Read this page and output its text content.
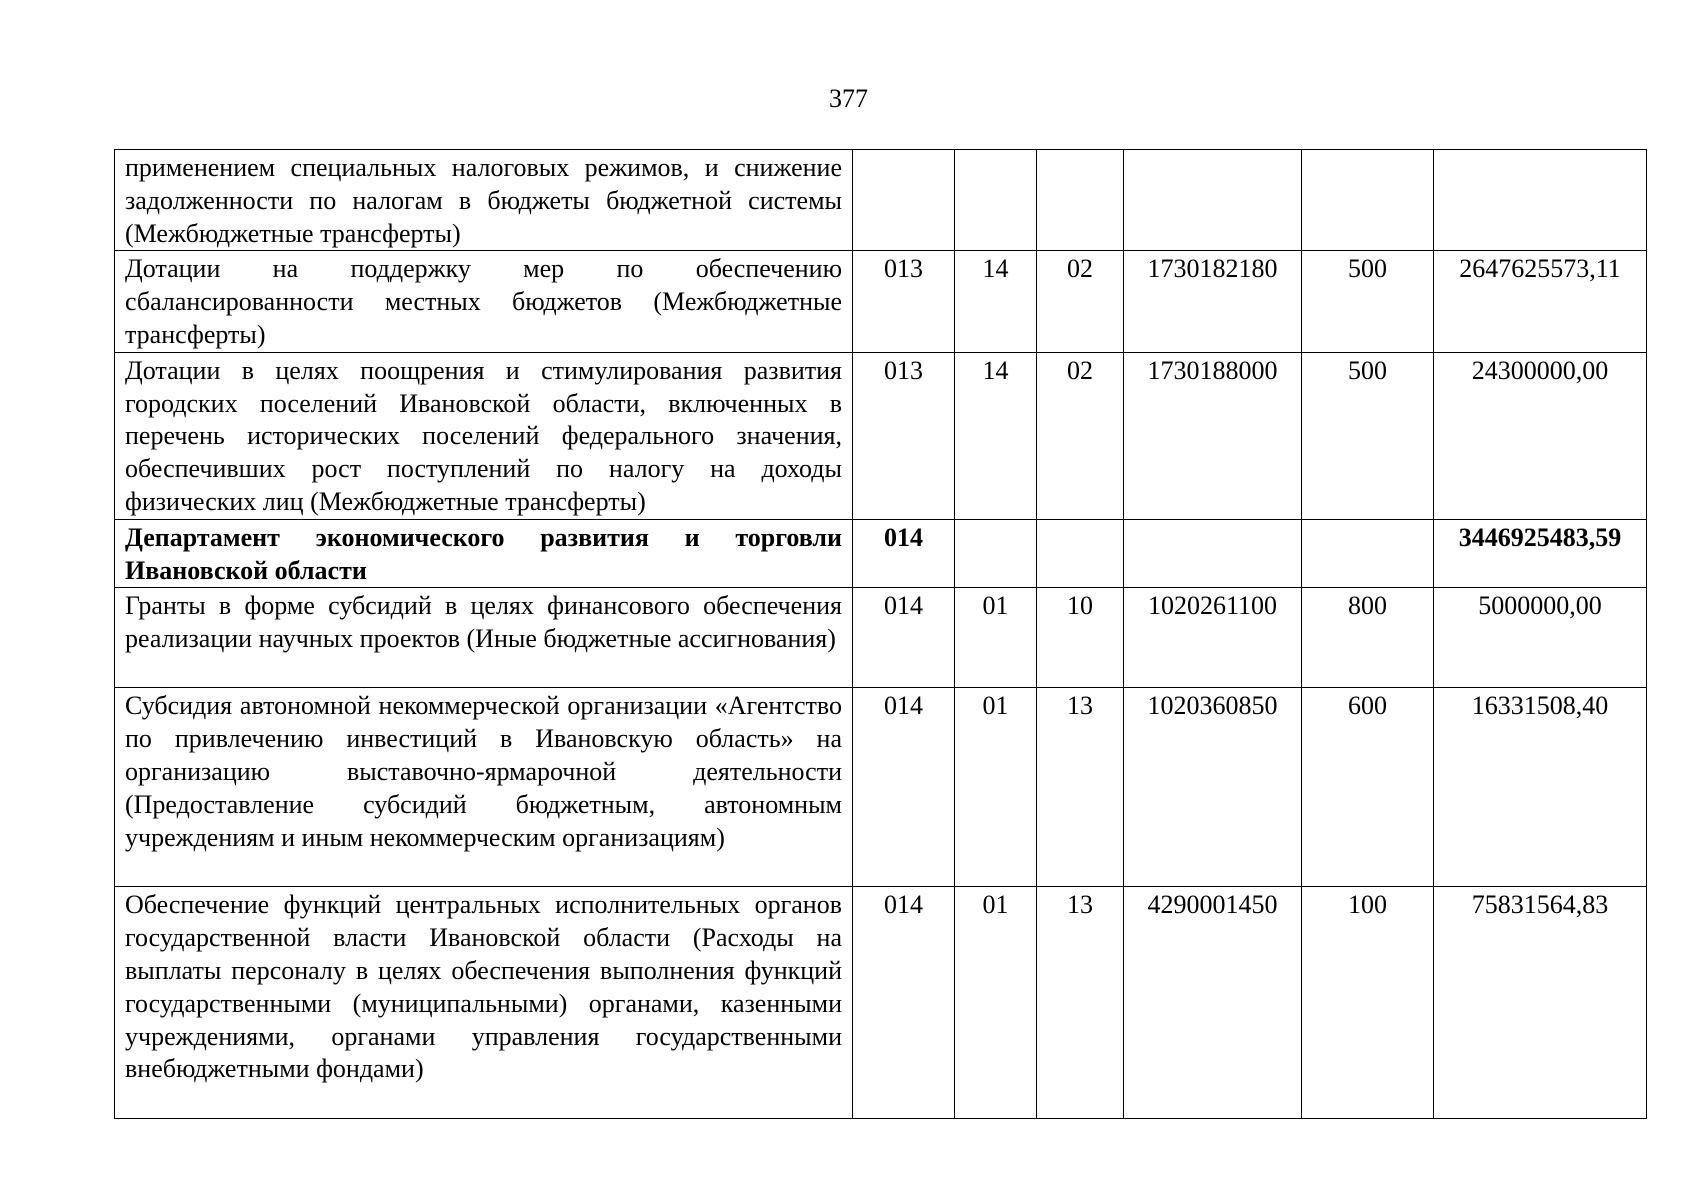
377
применением специальных налоговых режимов, и снижение задолженности по налогам в бюджеты бюджетной системы (Межбюджетные трансферты)						
Дотации на поддержку мер по обеспечению сбалансированности местных бюджетов (Межбюджетные трансферты)	013	14	02	1730182180	500	2647625573,11
Дотации в целях поощрения и стимулирования развития городских поселений Ивановской области, включенных в перечень исторических поселений федерального значения, обеспечивших рост поступлений по налогу на доходы физических лиц (Межбюджетные трансферты)	013	14	02	1730188000	500	24300000,00
Департамент экономического развития и торговли Ивановской области	014					3446925483,59
Гранты в форме субсидий в целях финансового обеспечения реализации научных проектов (Иные бюджетные ассигнования)	014	01	10	1020261100	800	5000000,00
Субсидия автономной некоммерческой организации «Агентство по привлечению инвестиций в Ивановскую область» на организацию выставочно-ярмарочной деятельности (Предоставление субсидий бюджетным, автономным учреждениям и иным некоммерческим организациям)	014	01	13	1020360850	600	16331508,40
Обеспечение функций центральных исполнительных органов государственной власти Ивановской области (Расходы на выплаты персоналу в целях обеспечения выполнения функций государственными (муниципальными) органами, казенными учреждениями, органами управления государственными внебюджетными фондами)	014	01	13	4290001450	100	75831564,83
